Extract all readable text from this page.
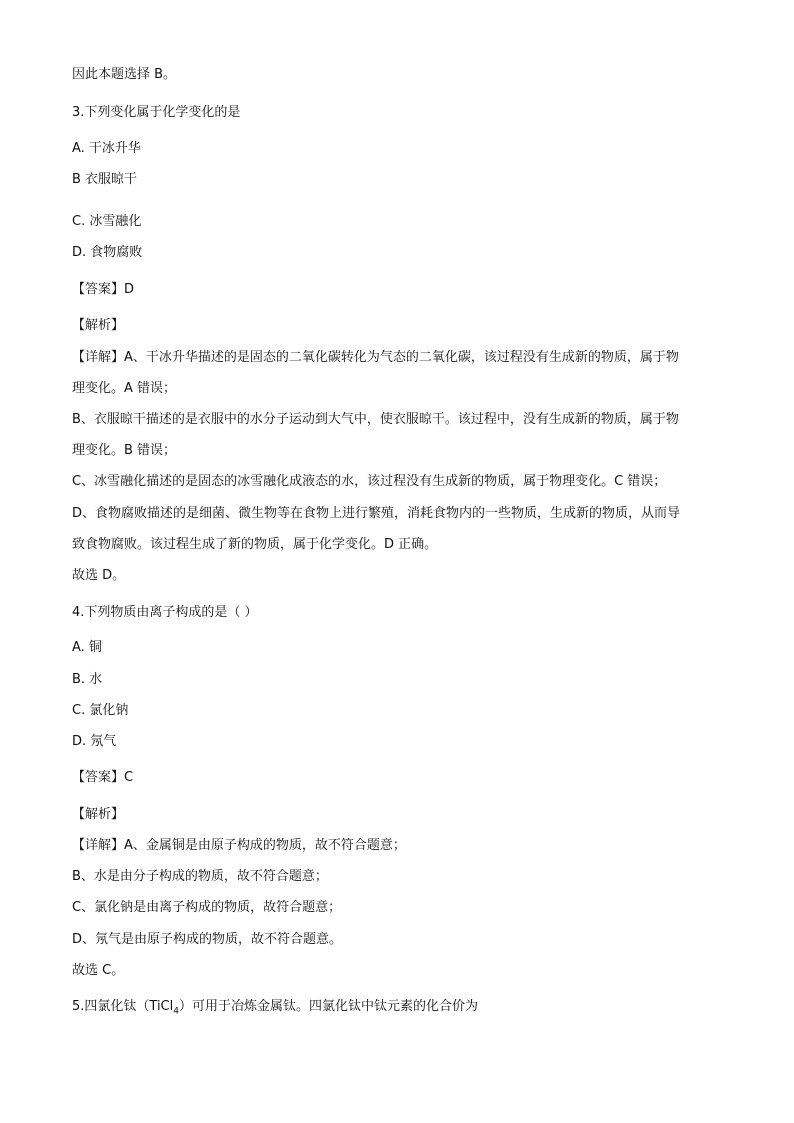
因此本题选择 B。
3.下列变化属于化学变化的是
A. 干冰升华
B 衣服晾干
C. 冰雪融化
D. 食物腐败
【答案】D
【解析】
【详解】A、干冰升华描述的是固态的二氧化碳转化为气态的二氧化碳，该过程没有生成新的物质，属于物
理变化。A 错误；
B、衣服晾干描述的是衣服中的水分子运动到大气中，使衣服晾干。该过程中，没有生成新的物质，属于物
理变化。B 错误；
C、冰雪融化描述的是固态的冰雪融化成液态的水，该过程没有生成新的物质，属于物理变化。C 错误；
D、食物腐败描述的是细菌、微生物等在食物上进行繁殖，消耗食物内的一些物质，生成新的物质，从而导
致食物腐败。该过程生成了新的物质，属于化学变化。D 正确。
故选 D。
4.下列物质由离子构成的是（ ）
A. 铜
B. 水
C. 氯化钠
D. 氖气
【答案】C
【解析】
【详解】A、金属铜是由原子构成的物质，故不符合题意；
B、水是由分子构成的物质，故不符合题意；
C、氯化钠是由离子构成的物质，故符合题意；
D、氖气是由原子构成的物质，故不符合题意。
故选 C。
5.四氯化钛（TiCl$_4$）可用于冶炼金属钛。四氯化钛中钛元素的化合价为
